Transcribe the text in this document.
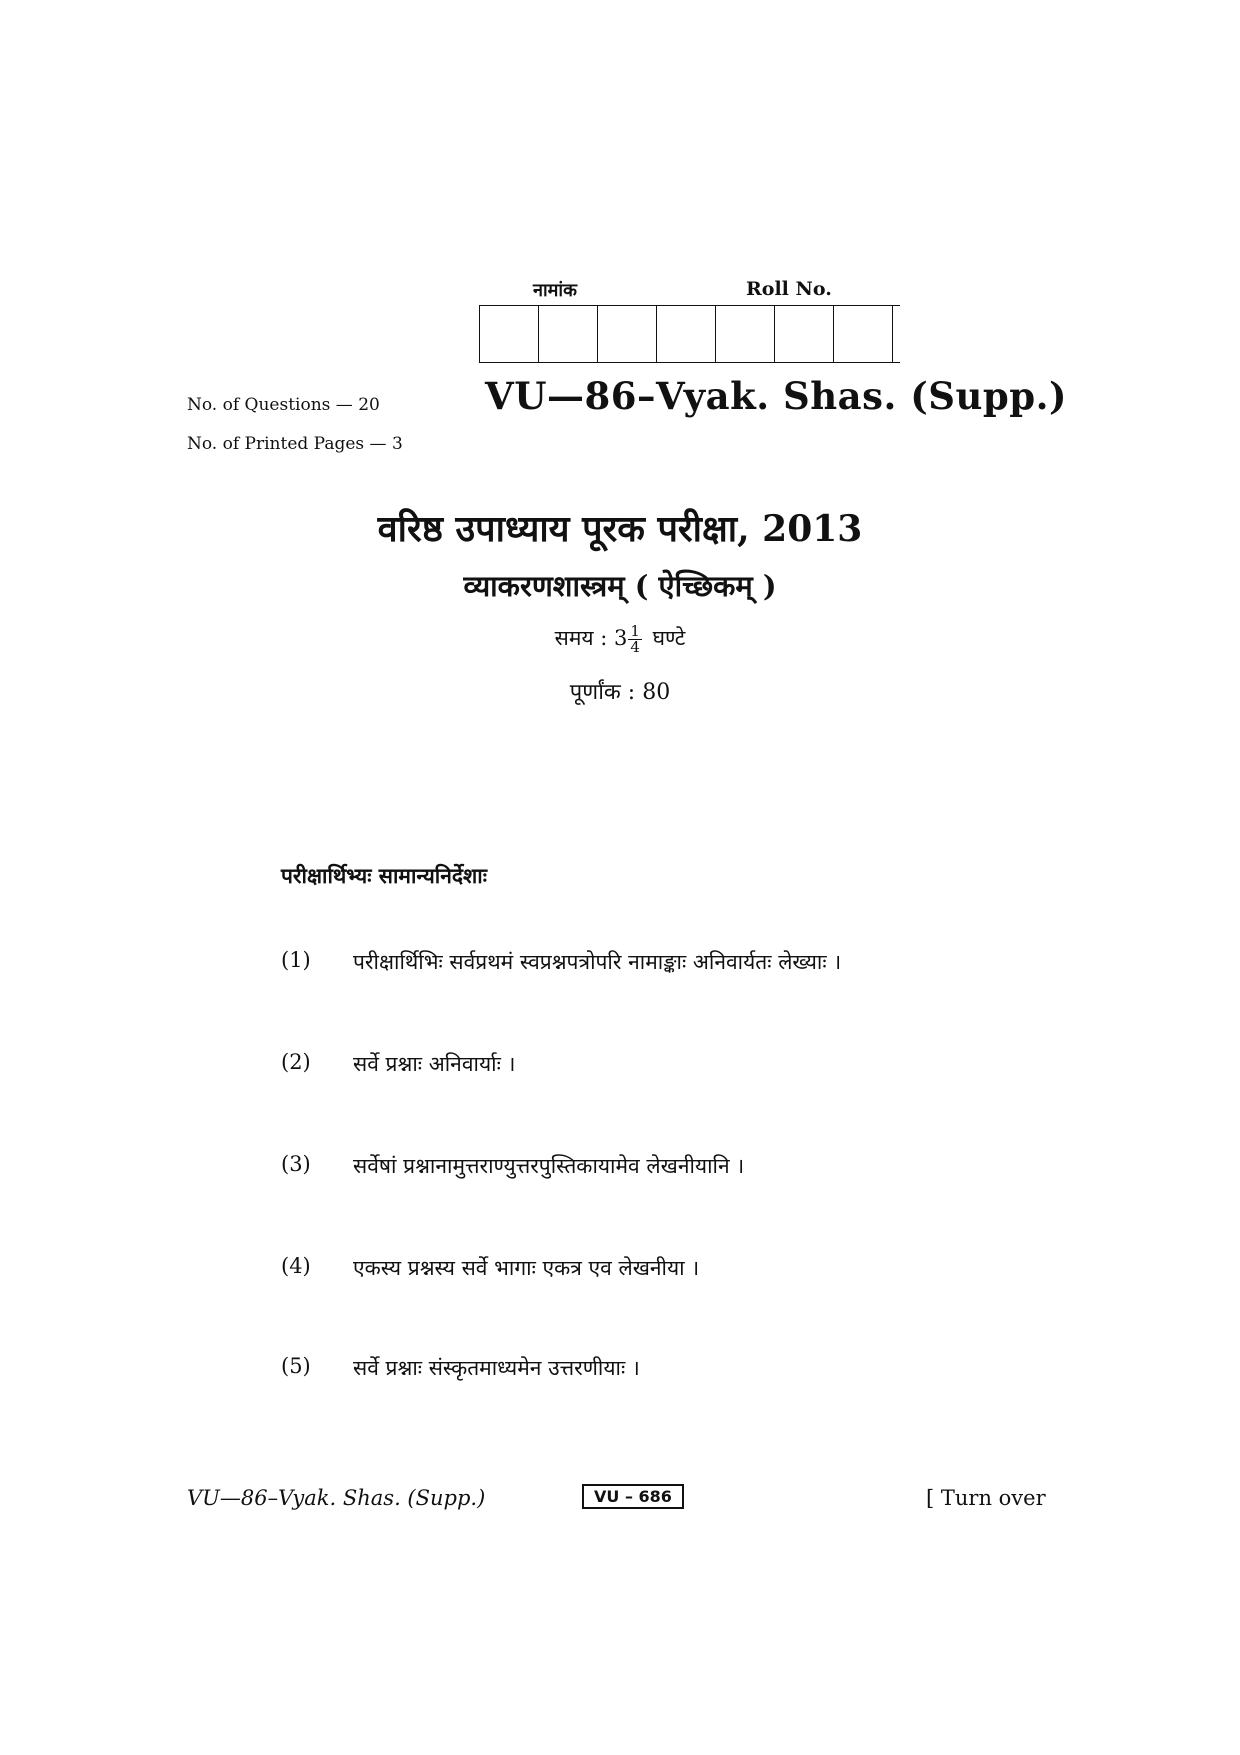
नामांक	Roll No.
No. of Questions — 20
No. of Printed Pages — 3
VU—86–Vyak. Shas. (Supp.)
वरिष्ठ उपाध्याय पूरक परीक्षा, 2013
व्याकरणशास्त्रम् ( ऐच्छिकम् )
समय : $3 \frac{1}{4}$ घण्टे
पूर्णांक : 80
परीक्षार्थिभ्यः सामान्यनिर्देशाः
(1)	परीक्षार्थिभिः सर्वप्रथमं स्वप्रश्नपत्रोपरि नामाङ्काः अनिवार्यतः लेख्याः ।
(2)	सर्वे प्रश्नाः अनिवार्याः ।
(3)	सर्वेषां प्रश्नानामुत्तराण्युत्तरपुस्तिकायामेव लेखनीयानि ।
(4)	एकस्य प्रश्नस्य सर्वे भागाः एकत्र एव लेखनीया ।
(5)	सर्वे प्रश्नाः संस्कृतमाध्यमेन उत्तरणीयाः ।
VU—86–Vyak. Shas. (Supp.)	VU – 686	[ Turn over
